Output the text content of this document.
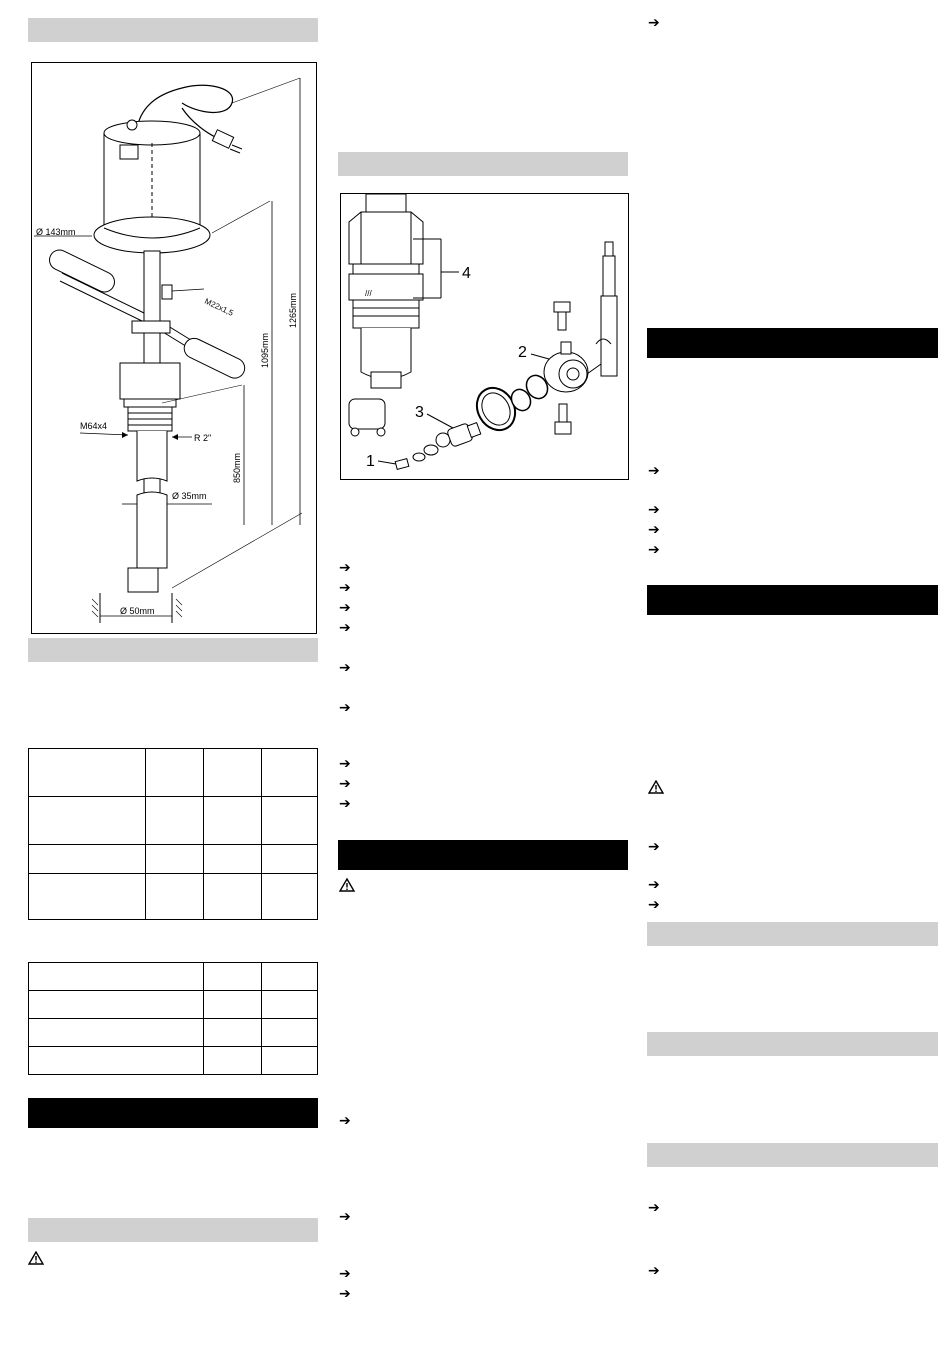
Ø 143mm
M22x1,5
M64x4
R 2"
Ø 35mm
Ø 50mm
850mm
1095mm
1265mm

			///
4
1
3
2
➔
➔
➔
➔
➔
➔
➔
➔
➔
➔
➔
➔
➔
➔
➔
➔
➔
➔
➔
➔
➔
➔
➔
